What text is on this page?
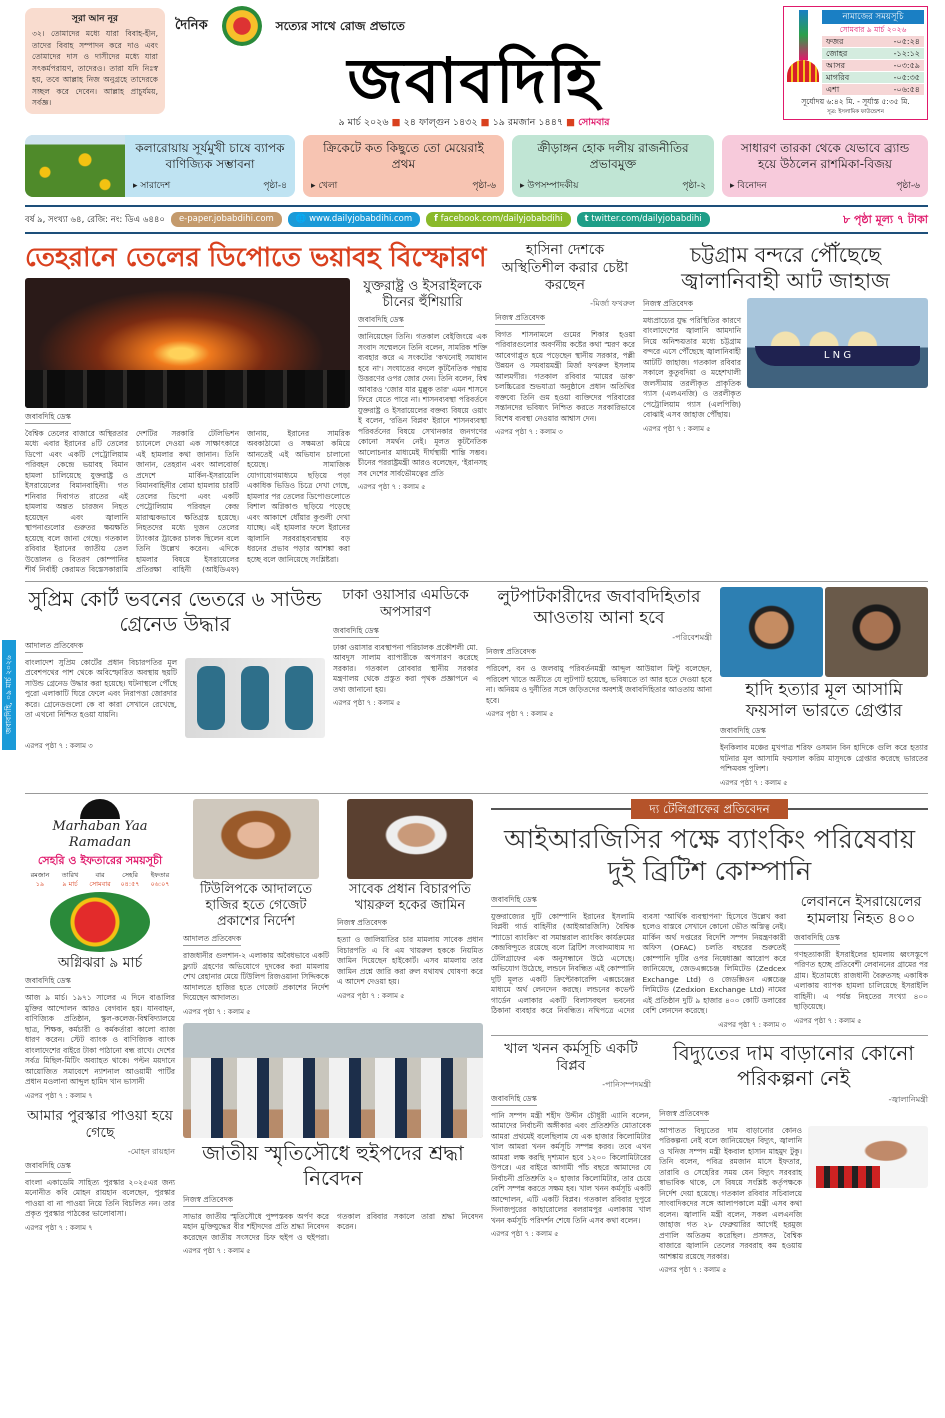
জবাবদিহি, ০৯ মার্চ ২০২৬
সূরা আন নূর
৩২। তোমাদের মধ্যে যারা বিবাহ-হীন, তাদের বিবাহ সম্পাদন করে দাও এবং তোমাদের দাস ও দাসীদের মধ্যে যারা সৎকর্মপরায়ণ, তাদেরও। তারা যদি নিঃস্ব হয়, তবে আল্লাহ নিজ অনুগ্রহে তাদেরকে সচ্ছল করে দেবেন। আল্লাহ প্রাচুর্যময়, সর্বজ্ঞ।
দৈনিক	সত্যের সাথে রোজ প্রভাতে
জবাবদিহি
৯ মার্চ ২০২৬ ■ ২৪ ফাল্গুন ১৪৩২ ■ ১৯ রমজান ১৪৪৭ ■ সোমবার
নামাজের সময়সূচি
সোমবার ৯ মার্চ ২০২৬
ফজর	-০৫:২৪
জোহর	-১২:১২
আসর	-০৩:৫৯
মাগরিব	-০৫:৩৫
এশা	-০৬:৫৪
সূর্যোদয় ৬:৪২ মি. - সূর্যাস্ত ৫:৩৫ মি.
সূত্র: ইসলামিক ফাউন্ডেশন
কলারোয়ায় সূর্যমুখী চাষে ব্যাপক বাণিজ্যিক সম্ভাবনা
▸ সারাদেশ	পৃষ্ঠা-৪
ক্রিকেটে কত কিছুতে তো মেয়েরাই প্রথম
▸ খেলা	পৃষ্ঠা-৬
ক্রীড়াঙ্গন হোক দলীয় রাজনীতির প্রভাবমুক্ত
▸ উপসম্পাদকীয়	পৃষ্ঠা-২
সাধারণ তারকা থেকে যেভাবে ব্র্যান্ড হয়ে উঠলেন রাশমিকা-বিজয়
▸ বিনোদন	পৃষ্ঠা-৬
বর্ষ ৯, সংখ্যা ৬৪, রেজি: নং: ডিএ ৬৪৪০	e-paper.jobabdihi.com	🌐 www.dailyjobabdihi.com	f facebook.com/dailyjobabdihi	t twitter.com/dailyjobabdihi	৮ পৃষ্ঠা মূল্য ৭ টাকা
তেহরানে তেলের ডিপোতে ভয়াবহ বিস্ফোরণ
জবাবদিহি ডেস্ক
বৈশ্বিক তেলের বাজারে অস্থিরতার মধ্যে এবার ইরানের ৪টি তেলের ডিপো এবং একটি পেট্রোলিয়াম পরিবহন কেন্দ্রে ভয়াবহ বিমান হামলা চালিয়েছে যুক্তরাষ্ট্র ও ইসরায়েলের বিমানবাহিনী। গত শনিবার দিবাগত রাতের এই হামলায় অন্তত চারজন নিহত হয়েছেন এবং জ্বালানি স্থাপনাগুলোর গুরুতর ক্ষয়ক্ষতি হয়েছে বলে জানা গেছে। গতকাল রবিবার ইরানের জাতীয় তেল উত্তোলন ও বিতরণ কোম্পানির শীর্ষ নির্বাহী কেরামত বিস্তেসকারামি দেশটির সরকারি টেলিভিশন চ্যানেলে দেওয়া এক সাক্ষাৎকারে এই হামলার কথা জানান। তিনি জানান, তেহরান এবং আলবোর্জ প্রদেশে মার্কিন-ইসরায়েলি বিমানবাহিনীর বোমা হামলায় চারটি তেলের ডিপো এবং একটি পেট্রোলিয়াম পরিবহন কেন্দ্র মারাত্মকভাবে ক্ষতিগ্রস্ত হয়েছে। নিহতদের মধ্যে দুজন তেলের ট্যাংকার ট্রাকের চালক ছিলেন বলে তিনি উল্লেখ করেন। এদিকে হামলার বিষয়ে ইসরায়েলের প্রতিরক্ষা বাহিনী (আইডিএফ) জানায়, ইরানের সামরিক অবকাঠামো ও সক্ষমতা কমিয়ে আনতেই এই অভিযান চালানো হয়েছে। সামাজিক যোগাযোগমাধ্যমে ছড়িয়ে পড়া একাধিক ভিডিও চিত্রে দেখা গেছে, হামলার পর তেলের ডিপোগুলোতে বিশাল অগ্নিকাণ্ড ছড়িয়ে পড়েছে এবং আকাশে ধোঁয়ার কুণ্ডলী দেখা যাচ্ছে। এই হামলার ফলে ইরানের জ্বালানি সরবরাহব্যবস্থায় বড় ধরনের প্রভাব পড়ার আশঙ্কা করা হচ্ছে বলে জানিয়েছে সংশ্লিষ্টরা।
যুক্তরাষ্ট্র ও ইসরাইলকে চীনের হুঁশিয়ারি
জবাবদিহি ডেস্ক
জানিয়েছেন তিনি। গতকাল বেইজিংয়ে এক সংবাদ সম্মেলনে তিনি বলেন, সামরিক শক্তি ব্যবহার করে এ সংকটের 'কখনোই সমাধান হবে না'। সংঘাতের বদলে কূটনৈতিক পন্থায় উত্তরণের ওপর জোর দেন। তিনি বলেন, বিশ্ব আবারও 'জোর যার মুল্লুক তার' এমন শাসনে ফিরে যেতে পারে না। শাসনব্যবস্থা পরিবর্তনে যুক্তরাষ্ট্র ও ইসরায়েলের বক্তব্য বিষয়ে ওয়াং ই বলেন, 'রঙিন বিপ্লব' ইরানে শাসনব্যবস্থা পরিবর্তনের বিষয়ে সেখানকার জনগণের কোনো সমর্থন নেই। মূলত কূটনৈতিক আলোচনার মাধ্যমেই দীর্ঘস্থায়ী শান্তি সম্ভব। চীনের পররাষ্ট্রমন্ত্রী আরও বলেছেন, 'ইরানসহ সব দেশের সার্বভৌমত্বের প্রতি
এরপর পৃষ্ঠা ৭ : কলাম ৫
হাসিনা দেশকে অস্থিতিশীল করার চেষ্টা করছেন
-মির্জা ফখরুল
নিজস্ব প্রতিবেদক
বিগত শাসনামলে গুমের শিকার হওয়া পরিবারগুলোর অবর্ণনীয় কষ্টের কথা স্মরণ করে আবেগাপ্লুত হয়ে পড়েছেন স্থানীয় সরকার, পল্লী উন্নয়ন ও সমবায়মন্ত্রী মির্জা ফখরুল ইসলাম আলমগীর। গতকাল রবিবার 'মায়ের ডাক' চলচ্চিত্রের শুভযাত্রা অনুষ্ঠানে প্রধান অতিথির বক্তব্যে তিনি গুম হওয়া ব্যক্তিদের পরিবারের সন্তানদের ভবিষ্যৎ নিশ্চিত করতে সরকারিভাবে বিশেষ ব্যবস্থা নেওয়ার আশ্বাস দেন।
এরপর পৃষ্ঠা ৭ : কলাম ৩
চট্টগ্রাম বন্দরে পৌঁছেছে জ্বালানিবাহী আট জাহাজ
নিজস্ব প্রতিবেদক
মধ্যপ্রাচ্যের যুদ্ধ পরিস্থিতির কারণে বাংলাদেশের জ্বালানি আমদানি নিয়ে অনিশ্চয়তার মধ্যে চট্টগ্রাম বন্দরে এসে পৌঁছেছে জ্বালানিবাহী আটটি জাহাজ। গতকাল রবিবার সকালে কুতুবদিয়া ও মহেশখালী জলসীমায় তরলীকৃত প্রাকৃতিক গ্যাস (এলএনজি) ও তরলীকৃত পেট্রোলিয়াম গ্যাস (এলপিজি) বোঝাই এসব জাহাজ পৌঁছায়।
এরপর পৃষ্ঠা ৭ : কলাম ৫
L N G
সুপ্রিম কোর্ট ভবনের ভেতরে ৬ সাউন্ড গ্রেনেড উদ্ধার
আদালত প্রতিবেদক
বাংলাদেশ সুপ্রিম কোর্টের প্রধান বিচারপতির মূল প্রবেশপথের পাশ থেকে অবিস্ফোরিত অবস্থায় ছয়টি সাউন্ড গ্রেনেড উদ্ধার করা হয়েছে। ঘটনাস্থলে পৌঁছে পুরো এলাকাটি ঘিরে ফেলে এবং নিরাপত্তা জোরদার করে। গ্রেনেডগুলো কে বা কারা সেখানে রেখেছে, তা এখনো নিশ্চিত হওয়া যায়নি।
এরপর পৃষ্ঠা ৭ : কলাম ৩
ঢাকা ওয়াসার এমডিকে অপসারণ
জবাবদিহি ডেস্ক
ঢাকা ওয়াসার ব্যবস্থাপনা পরিচালক প্রকৌশলী মো. আবদুস সালাম ব্যাপারীকে অপসারণ করেছে সরকার। গতকাল রোববার স্থানীয় সরকার মন্ত্রণালয় থেকে প্রস্তুত করা পৃথক প্রজ্ঞাপনে এ তথ্য জানানো হয়।
এরপর পৃষ্ঠা ৭ : কলাম ৫
লুটপাটকারীদের জবাবদিহিতার আওতায় আনা হবে
-পরিবেশমন্ত্রী
নিজস্ব প্রতিবেদক
পরিবেশ, বন ও জলবায়ু পরিবর্তনমন্ত্রী আব্দুল আউয়াল মিন্টু বলেছেন, পরিবেশ খাতে অতীতে যে লুটপাট হয়েছে, ভবিষ্যতে তা আর হতে দেওয়া হবে না। অনিয়ম ও দুর্নীতির সঙ্গে জড়িতদের অবশ্যই জবাবদিহিতার আওতায় আনা হবে।
এরপর পৃষ্ঠা ৭ : কলাম ৫
হাদি হত্যার মূল আসামি ফয়সাল ভারতে গ্রেপ্তার
জবাবদিহি ডেস্ক
ইনকিলাব মঞ্চের মুখপাত্র শরিফ ওসমান বিন হাদিকে গুলি করে হত্যার ঘটনার মূল আসামি ফয়সাল করিম মাসুদকে গ্রেপ্তার করেছে ভারতের পশ্চিমবঙ্গ পুলিশ।
এরপর পৃষ্ঠা ৭ : কলাম ৫
Marhaban Yaa Ramadan
সেহরি ও ইফতারের সময়সূচী
রমজান	তারিখ	বার	সেহরি	ইফতার
১৯	৯ মার্চ	সোমবার	০৪:৫৭	০৬:০৭
অগ্নিঝরা ৯ মার্চ
জবাবদিহি ডেস্ক
আজ ৯ মার্চ। ১৯৭১ সালের এ দিনে বাঙালির মুক্তির আন্দোলন আরও বেগবান হয়। যানবাহন, বাণিজ্যিক প্রতিষ্ঠান, স্কুল-কলেজ-বিশ্ববিদ্যালয়ে ছাত্র, শিক্ষক, কর্মচারী ও কর্মকর্তারা কালো ব্যাজ ধারণ করেন। স্টেট ব্যাংক ও বাণিজ্যিক ব্যাংক বাংলাদেশের বাইরে টাকা পাঠানো বন্ধ রাখে। দেশের সর্বত্র মিছিল-মিটিং অব্যাহত থাকে। পল্টন ময়দানে আয়োজিত সমাবেশে ন্যাশনাল আওয়ামী পার্টির প্রধান মওলানা আব্দুল হামিদ খান ভাসানী
এরপর পৃষ্ঠা ৭ : কলাম ৭
আমার পুরস্কার পাওয়া হয়ে গেছে
-মোহন রায়হান
জবাবদিহি ডেস্ক
বাংলা একাডেমি সাহিত্য পুরস্কার ২০২৫এর জন্য মনোনীত কবি মোহন রায়হান বলেছেন, পুরস্কার পাওয়া বা না পাওয়া নিয়ে তিনি বিচলিত নন। তার প্রকৃত পুরস্কার পাঠকের ভালোবাসা।
এরপর পৃষ্ঠা ৭ : কলাম ৭
টিউলিপকে আদালতে হাজির হতে গেজেট প্রকাশের নির্দেশ
আদালত প্রতিবেদক
রাজধানীর গুলশান-২ এলাকায় অবৈধভাবে একটি ফ্ল্যাট গ্রহণের অভিযোগে দুদকের করা মামলায় শেখ রেহানার মেয়ে টিউলিপ রিজওয়ানা সিদ্দিককে আদালতে হাজির হতে গেজেট প্রকাশের নির্দেশ দিয়েছেন আদালত।
এরপর পৃষ্ঠা ৭ : কলাম ৫
সাবেক প্রধান বিচারপতি খায়রুল হকের জামিন
নিজস্ব প্রতিবেদক
হত্যা ও জালিয়াতির চার মামলায় সাবেক প্রধান বিচারপতি এ বি এম খায়রুল হককে নিয়মিত জামিন দিয়েছেন হাইকোর্ট। এসব মামলায় তার জামিন প্রশ্নে জারি করা রুল যথাযথ ঘোষণা করে এ আদেশ দেওয়া হয়।
এরপর পৃষ্ঠা ৭ : কলাম ৫
জাতীয় স্মৃতিসৌধে হুইপদের শ্রদ্ধা নিবেদন
নিজস্ব প্রতিবেদক
সাভার জাতীয় স্মৃতিসৌধে পুষ্পস্তবক অর্পণ করে মহান মুক্তিযুদ্ধের বীর শহীদদের প্রতি শ্রদ্ধা নিবেদন করেছেন জাতীয় সংসদের চিফ হুইপ ও হুইপরা। গতকাল রবিবার সকালে তারা শ্রদ্ধা নিবেদন করেন।
এরপর পৃষ্ঠা ৭ : কলাম ৫
দ্য টেলিগ্রাফের প্রতিবেদন
আইআরজিসির পক্ষে ব্যাংকিং পরিষেবায় দুই ব্রিটিশ কোম্পানি
জবাবদিহি ডেস্ক
যুক্তরাজ্যের দুটি কোম্পানি ইরানের ইসলামি বিপ্লবী গার্ড বাহিনীর (আইআরজিসি) বৈশ্বিক 'শ্যাডো ব্যাংকিং' বা সমান্তরাল ব্যাংকিং কার্যক্রমের কেন্দ্রবিন্দুতে রয়েছে বলে ব্রিটিশ সংবাদমাধ্যম দ্য টেলিগ্রাফের এক অনুসন্ধানে উঠে এসেছে। অভিযোগ উঠেছে, লন্ডনে নিবন্ধিত এই কোম্পানি দুটি মূলত একটি ক্রিপ্টোকারেন্সি এক্সচেঞ্জের মাধ্যমে অর্থ লেনদেন করছে। লন্ডনের কভেন্ট গার্ডেন এলাকার একটি বিলাসবহুল ভবনের ঠিকানা ব্যবহার করে নিবন্ধিত। নথিপত্রে এদের ব্যবসা 'আর্থিক ব্যবস্থাপনা' হিসেবে উল্লেখ করা হলেও বাস্তবে সেখানে কোনো ভৌত অস্তিত্ব নেই। মার্কিন অর্থ দপ্তরের বিদেশি সম্পদ নিয়ন্ত্রণকারী অফিস (OFAC) চলতি বছরের শুরুতেই কোম্পানি দুটির ওপর নিষেধাজ্ঞা আরোপ করে জানিয়েছে, জেডএক্সচেঞ্জ লিমিটেড (Zedcex Exchange Ltd) ও জেডক্সিওন এক্সচেঞ্জ লিমিটেড (Zedxion Exchange Ltd) নামের এই প্রতিষ্ঠান দুটি ৯ হাজার ৪০০ কোটি ডলারের বেশি লেনদেন করেছে।
এরপর পৃষ্ঠা ৭ : কলাম ৩
লেবাননে ইসরায়েলের হামলায় নিহত ৪০০
জবাবদিহি ডেস্ক
গণহত্যাকারী ইসরাইলের হামলায় ধ্বংসস্তূপে পরিণত হচ্ছে প্রতিবেশী লেবাননের গ্রামের পর গ্রাম। ইতোমধ্যে রাজধানী বৈরুতসহ একাধিক এলাকায় ব্যাপক হামলা চালিয়েছে ইসরাইলি বাহিনী। এ পর্যন্ত নিহতের সংখ্যা ৪০০ ছাড়িয়েছে।
এরপর পৃষ্ঠা ৭ : কলাম ৫
খাল খনন কর্মসূচি একটি বিপ্লব
-পানিসম্পদমন্ত্রী
জবাবদিহি ডেস্ক
পানি সম্পদ মন্ত্রী শহীদ উদ্দীন চৌধুরী এ্যানি বলেন, আমাদের নির্বাচনী অঙ্গীকার এবং প্রতিশ্রুতি মোতাবেক আমরা প্রথমেই বলেছিলাম যে এক হাজার কিলোমিটার খাল আমরা খনন কর্মসূচি সম্পন্ন করব। তবে এখন আমরা লক্ষ করছি দৃশ্যমান হবে ১২০০ কিলোমিটারের উপরে। এর বাইরে আগামী পাঁচ বছরে আমাদের যে নির্বাচনী প্রতিশ্রুতি ২০ হাজার কিলোমিটার, তার চেয়ে বেশি সম্পন্ন করতে সক্ষম হব। খাল খনন কর্মসূচি একটি আন্দোলন, এটি একটি বিপ্লব। গতকাল রবিবার দুপুরে দিনাজপুরের কাহারোলের বলরামপুর এলাকায় খাল খনন কর্মসূচি পরিদর্শন শেষে তিনি এসব কথা বলেন।
এরপর পৃষ্ঠা ৭ : কলাম ৫
বিদ্যুতের দাম বাড়ানোর কোনো পরিকল্পনা নেই
-জ্বালানিমন্ত্রী
নিজস্ব প্রতিবেদক
আপাতত বিদ্যুতের দাম বাড়ানোর কোনও পরিকল্পনা নেই বলে জানিয়েছেন বিদ্যুৎ, জ্বালানি ও খনিজ সম্পদ মন্ত্রী ইকবাল হাসান মাহমুদ টুকু। তিনি বলেন, পবিত্র রমজান মাসে ইফতার, তারাবি ও সেহেরির সময় যেন বিদ্যুৎ সরবরাহ স্বাভাবিক থাকে, সে বিষয়ে সংশ্লিষ্ট কর্তৃপক্ষকে নির্দেশ দেয়া হয়েছে। গতকাল রবিবার সচিবালয়ে সাংবাদিকদের সঙ্গে আলাপকালে মন্ত্রী এসব কথা বলেন। জ্বালানি মন্ত্রী বলেন, সকল এলএনজি জাহাজ গত ২৮ ফেব্রুয়ারির আগেই হরমুজ প্রণালি অতিক্রম করেছিল। প্রসঙ্গত, বৈশ্বিক বাজারে জ্বালানি তেলের সরবরাহ কম হওয়ায় আশঙ্কায় রয়েছে সরকার।
এরপর পৃষ্ঠা ৭ : কলাম ৫
